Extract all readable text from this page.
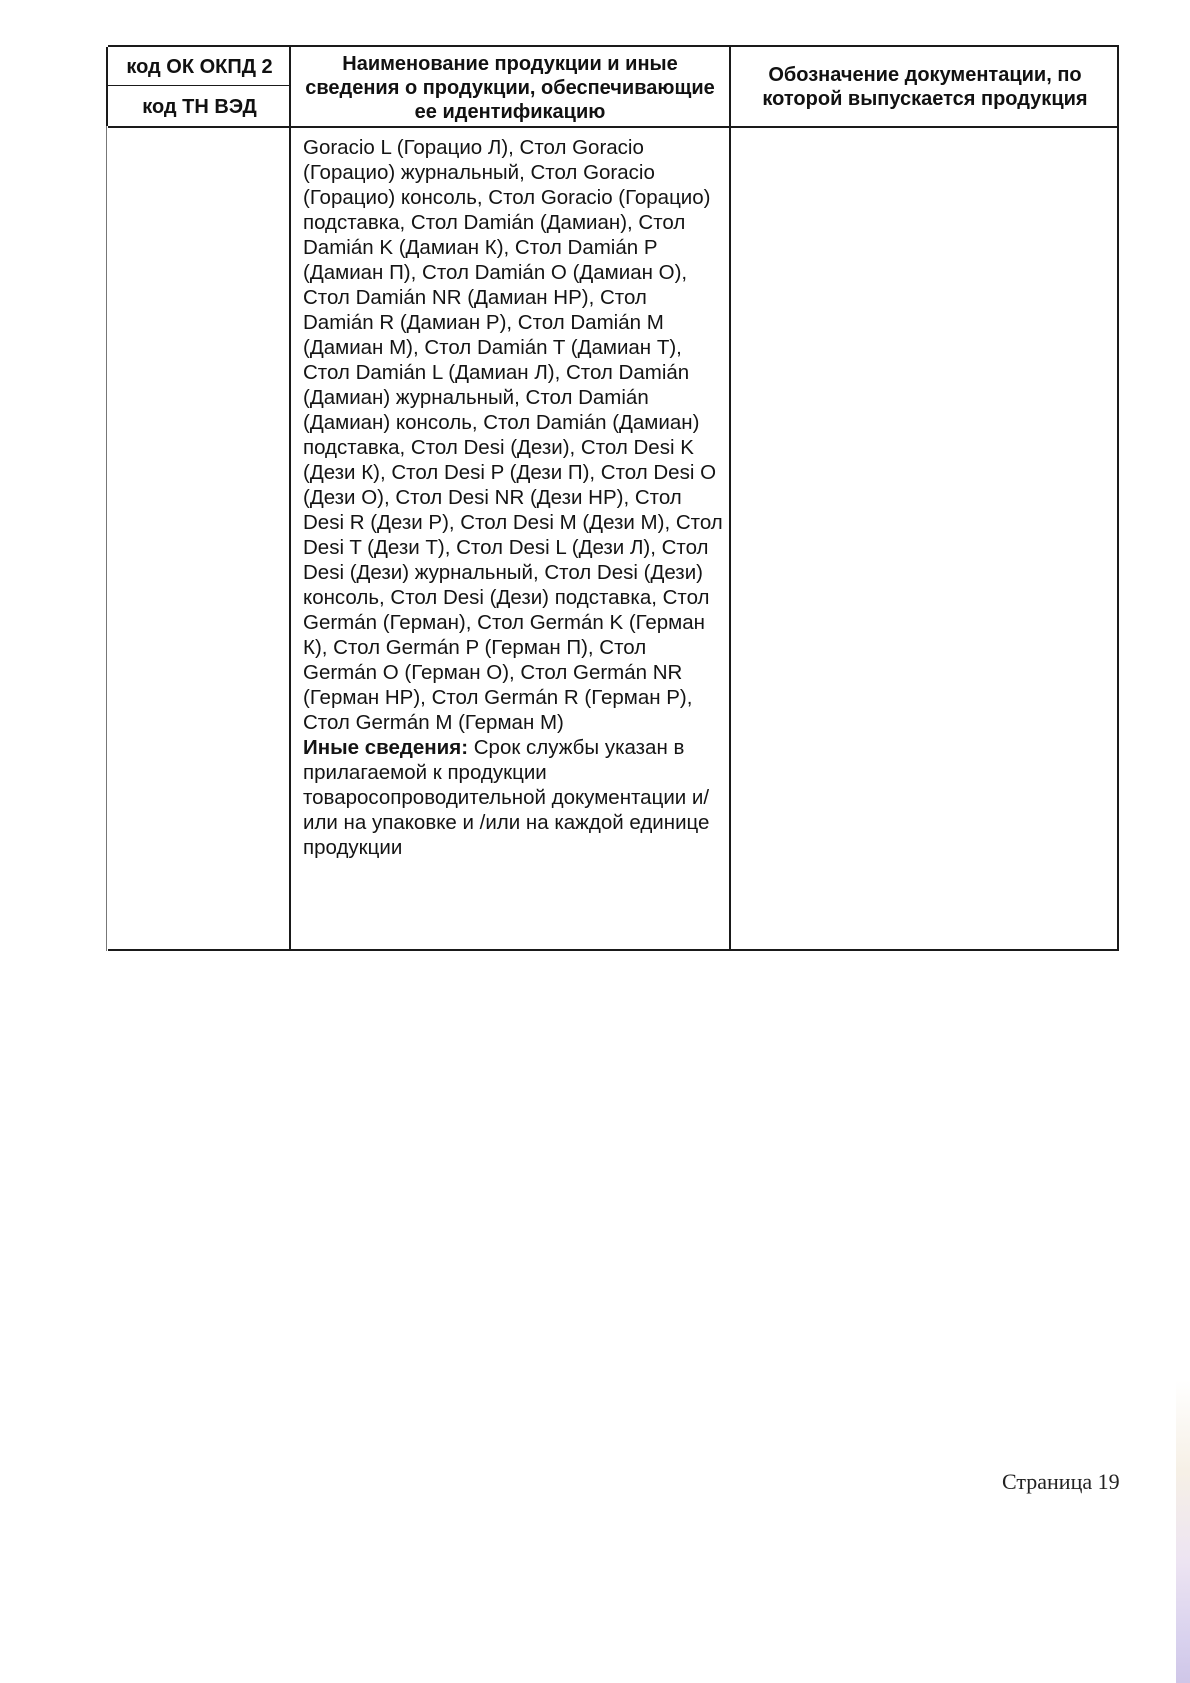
код ОК ОКПД 2
код ТН ВЭД
Наименование продукции и иные сведения о продукции, обеспечивающие ее идентификацию
Обозначение документации, по которой выпускается продукция

Goracio L (Горацио Л), Стол Goracio (Горацио) журнальный, Стол Goracio (Горацио) консоль, Стол Goracio (Горацио) подставка, Стол Damián (Дамиан), Стол Damián K (Дамиан К), Стол Damián P (Дамиан П), Стол Damián O (Дамиан О), Стол Damián NR (Дамиан НР), Стол Damián R (Дамиан Р), Стол Damián M (Дамиан М), Стол Damián T (Дамиан Т), Стол Damián L (Дамиан Л), Стол Damián (Дамиан) журнальный, Стол Damián (Дамиан) консоль, Стол Damián (Дамиан) подставка, Стол Desi (Дези), Стол Desi K (Дези К), Стол Desi P (Дези П), Стол Desi O (Дези О), Стол Desi NR (Дези НР), Стол Desi R (Дези Р), Стол Desi M (Дези М), Стол Desi T (Дези Т), Стол Desi L (Дези Л), Стол Desi (Дези) журнальный, Стол Desi (Дези) консоль, Стол Desi (Дези) подставка, Стол Germán (Герман), Стол Germán K (Герман К), Стол Germán P (Герман П), Стол Germán O (Герман О), Стол Germán NR (Герман НР), Стол Germán R (Герман Р), Стол Germán M (Герман М)

Иные сведения: Срок службы указан в прилагаемой к продукции товаросопроводительной документации и/или на упаковке и /или на каждой единице продукции

Страница 19
